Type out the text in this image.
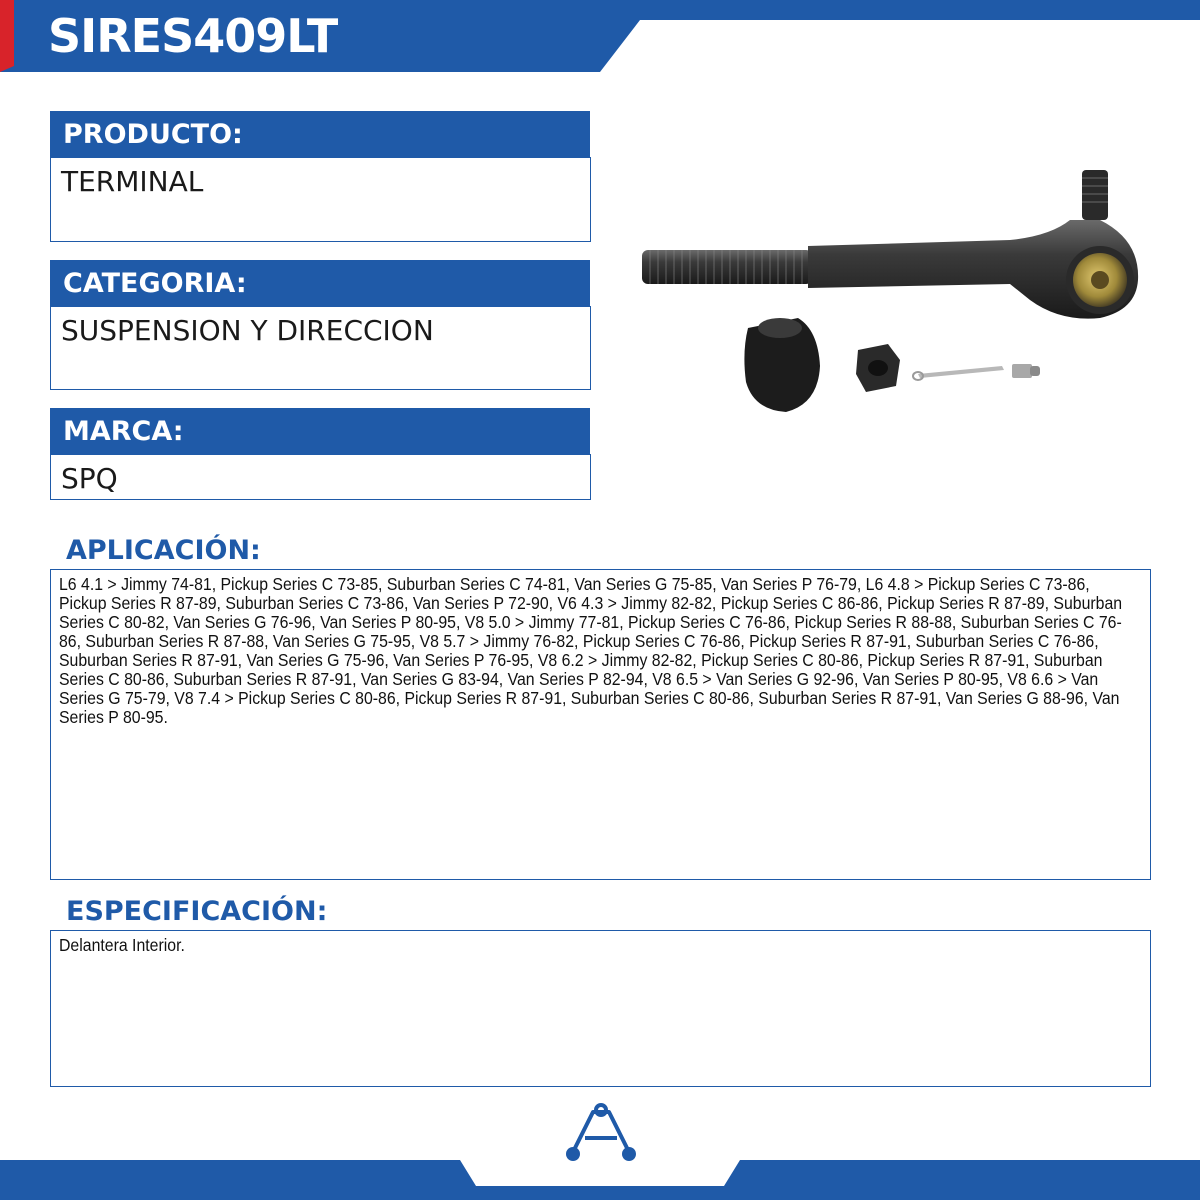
SIRES409LT
PRODUCTO:
TERMINAL
CATEGORIA:
SUSPENSION Y DIRECCION
MARCA:
SPQ
APLICACIÓN:
L6 4.1 > Jimmy 74-81, Pickup Series C 73-85, Suburban Series C 74-81, Van Series G 75-85, Van Series P 76-79, L6 4.8 > Pickup Series C 73-86, Pickup Series R 87-89, Suburban Series C 73-86, Van Series P 72-90, V6 4.3 > Jimmy 82-82, Pickup Series C 86-86, Pickup Series R 87-89, Suburban Series C 80-82, Van Series G 76-96, Van Series P 80-95, V8 5.0 > Jimmy 77-81, Pickup Series C 76-86, Pickup Series R 88-88, Suburban Series C 76-86, Suburban Series R 87-88, Van Series G 75-95, V8 5.7 > Jimmy 76-82, Pickup Series C 76-86, Pickup Series R 87-91, Suburban Series C 76-86, Suburban Series R 87-91, Van Series G 75-96, Van Series P 76-95, V8 6.2 > Jimmy 82-82, Pickup Series C 80-86, Pickup Series R 87-91, Suburban Series C 80-86, Suburban Series R 87-91, Van Series G 83-94, Van Series P 82-94, V8 6.5 > Van Series G 92-96, Van Series P 80-95, V8 6.6 > Van Series G 75-79, V8 7.4 > Pickup Series C 80-86, Pickup Series R 87-91, Suburban Series C 80-86, Suburban Series R 87-91, Van Series G 88-96, Van Series P 80-95.
ESPECIFICACIÓN:
Delantera Interior.
SUSPENSIÓN Y DIRECCIÓN
